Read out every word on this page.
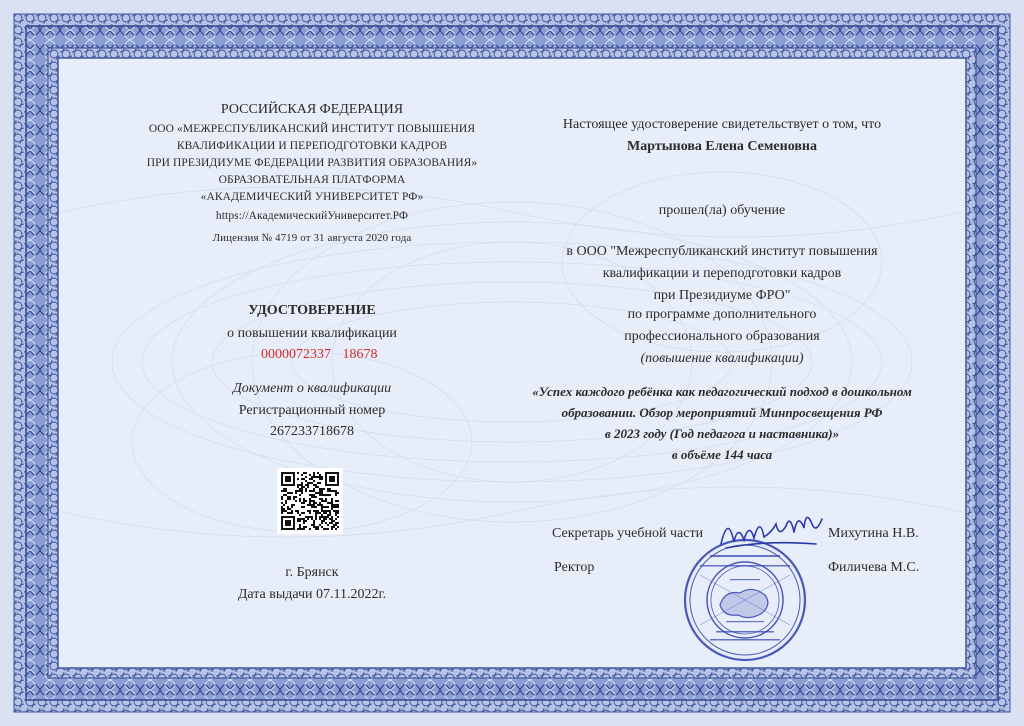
РОССИЙСКАЯ ФЕДЕРАЦИЯ
ООО «МЕЖРЕСПУБЛИКАНСКИЙ ИНСТИТУТ ПОВЫШЕНИЯ
КВАЛИФИКАЦИИ И ПЕРЕПОДГОТОВКИ КАДРОВ
ПРИ ПРЕЗИДИУМЕ ФЕДЕРАЦИИ РАЗВИТИЯ ОБРАЗОВАНИЯ»
ОБРАЗОВАТЕЛЬНАЯ ПЛАТФОРМА
«АКАДЕМИЧЕСКИЙ УНИВЕРСИТЕТ РФ»
https://АкадемическийУниверситет.РФ
Лицензия № 4719 от 31 августа 2020 года
УДОСТОВЕРЕНИЕ
о повышении квалификации
0000072337 18678
Документ о квалификации
Регистрационный номер
267233718678
г. Брянск
Дата выдачи 07.11.2022г.
Настоящее удостоверение свидетельствует о том, что
Мартынова Елена Семеновна
прошел(ла) обучение
в ООО "Межреспубликанский институт повышения
квалификации и переподготовки кадров
при Президиуме ФРО"
по программе дополнительного
профессионального образования
(повышение квалификации)
«Успех каждого ребёнка как педагогический подход в дошкольном
образовании. Обзор мероприятий Минпросвещения РФ
в 2023 году (Год педагога и наставника)»
в объёме 144 часа
Секретарь учебной части	Михутина Н.В.
Ректор	Филичева М.С.
